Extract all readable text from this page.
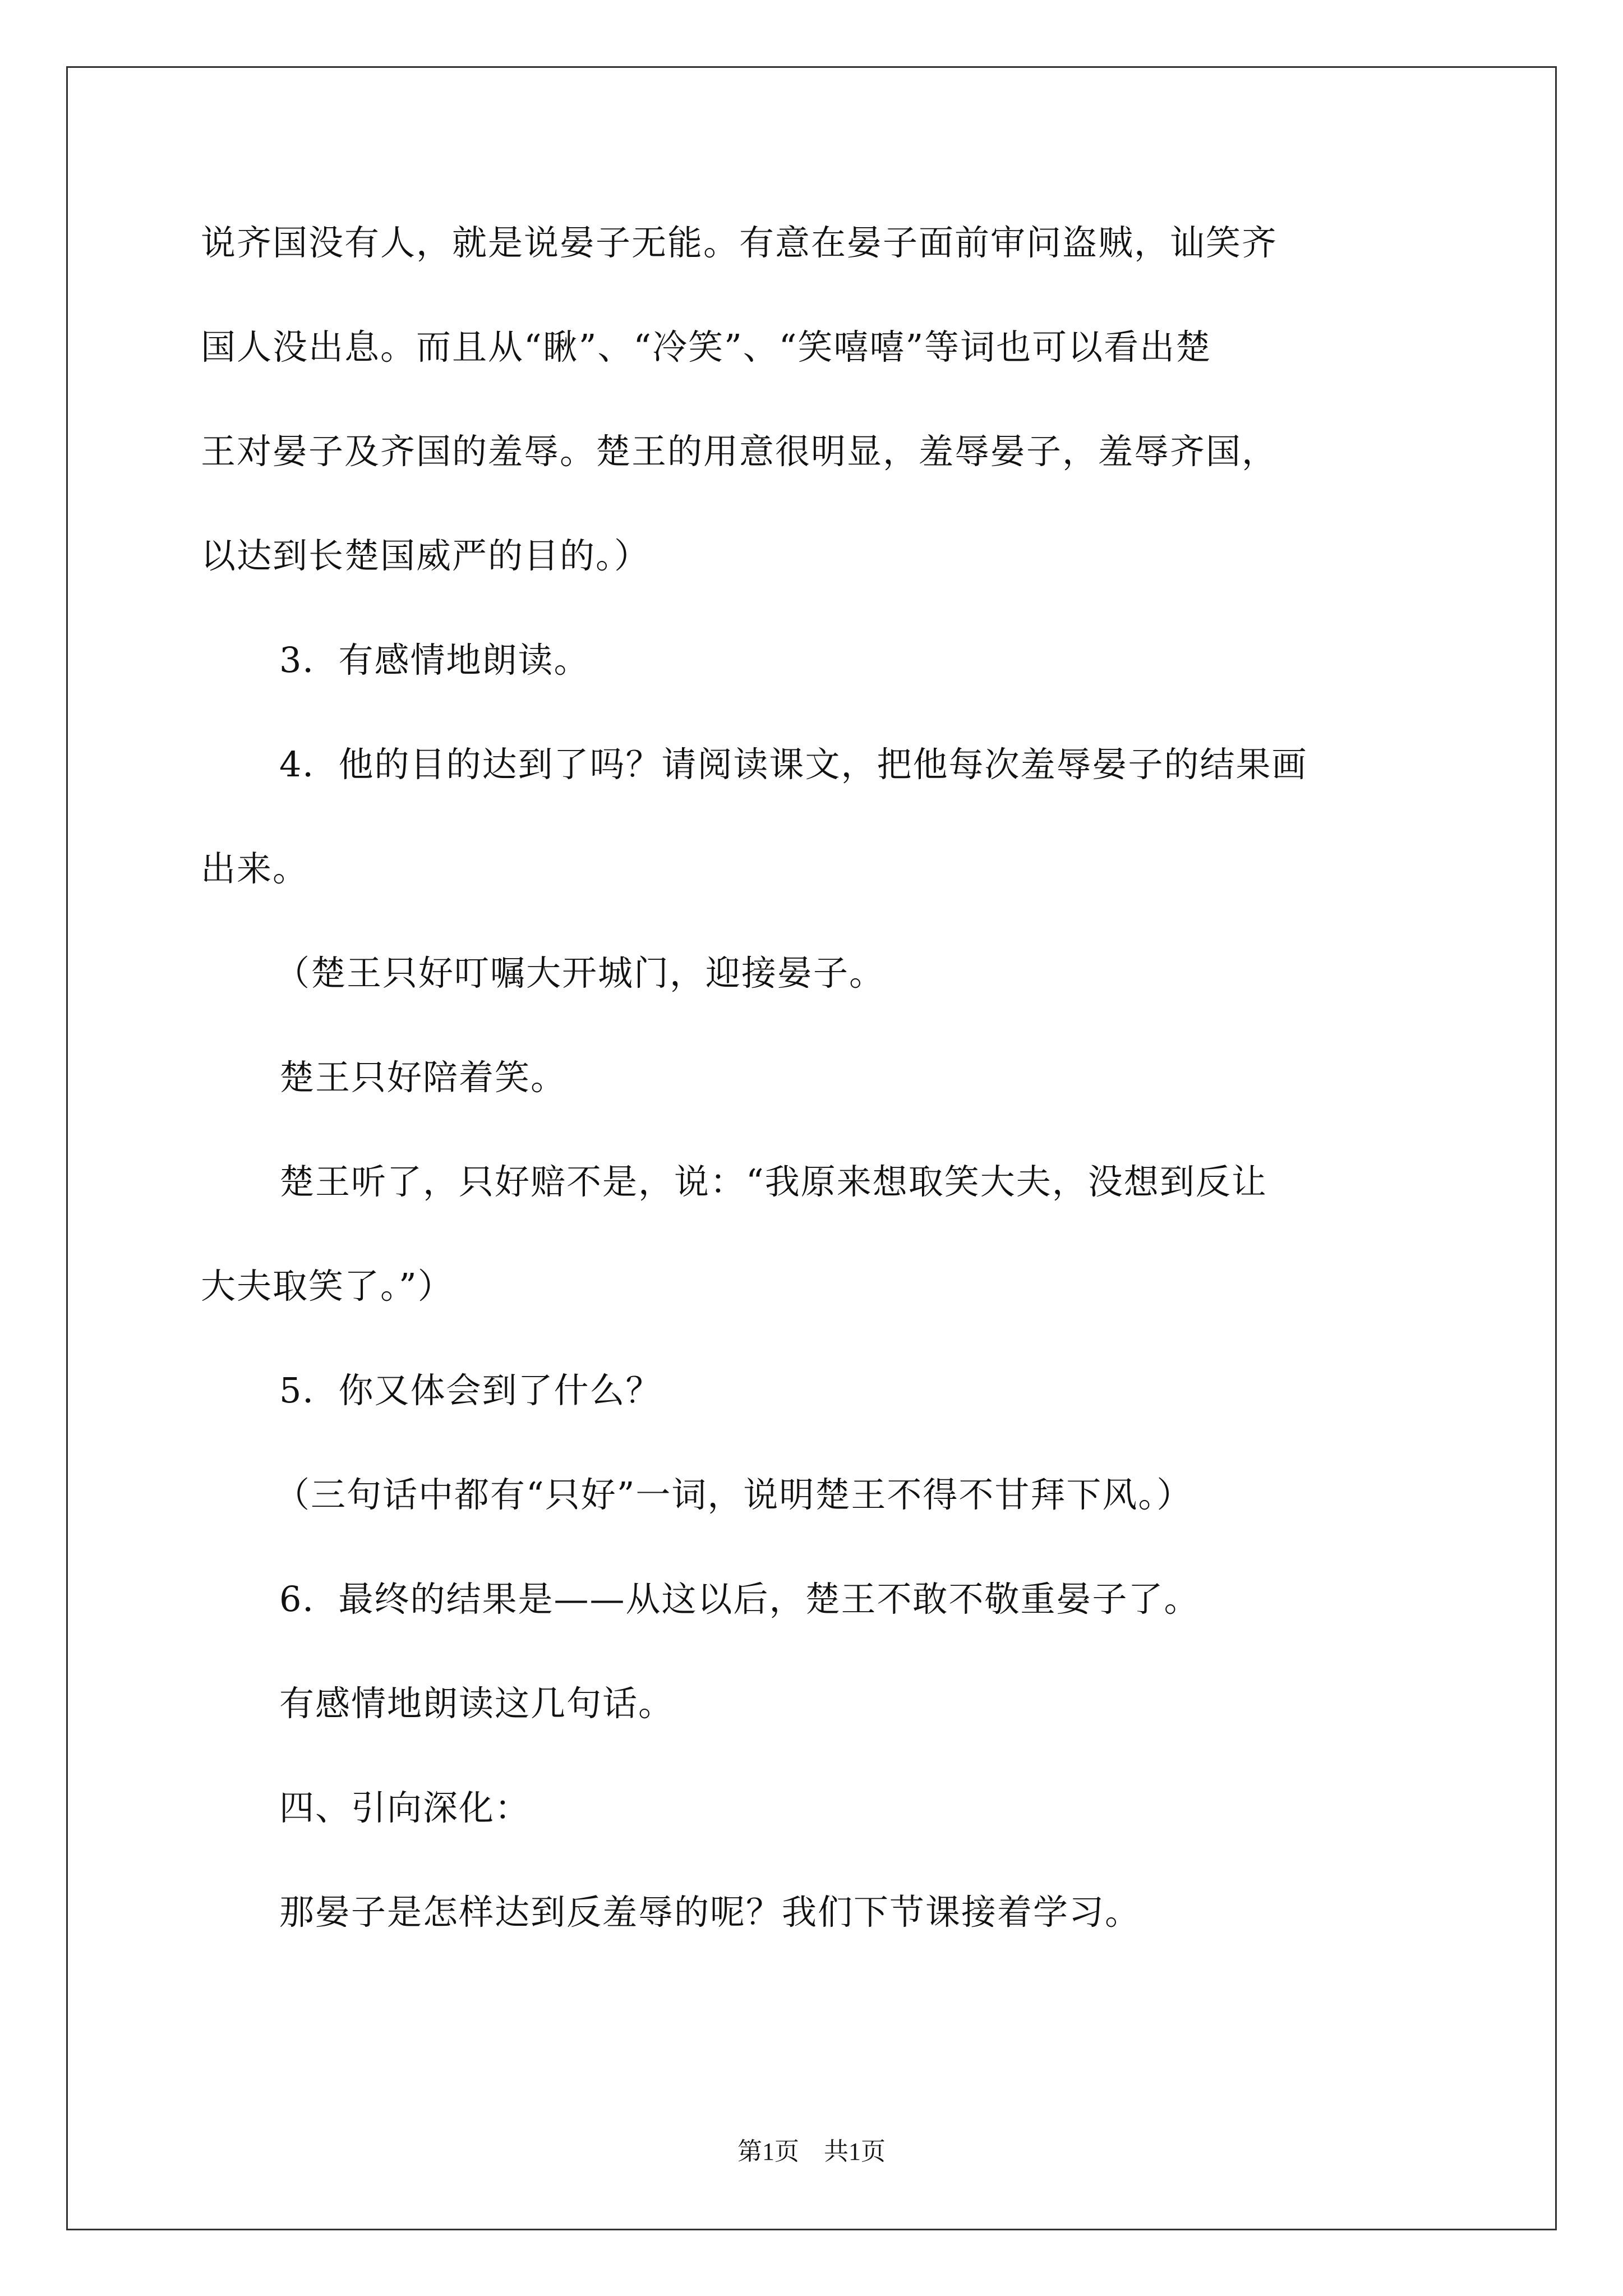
说齐国没有人，就是说晏子无能。有意在晏子面前审问盗贼，讪笑齐
国人没出息。而且从“瞅”、“冷笑”、“笑嘻嘻”等词也可以看出楚
王对晏子及齐国的羞辱。楚王的用意很明显，羞辱晏子，羞辱齐国，
以达到长楚国威严的目的。）
3．有感情地朗读。
4．他的目的达到了吗？请阅读课文，把他每次羞辱晏子的结果画
出来。
（楚王只好叮嘱大开城门，迎接晏子。
楚王只好陪着笑。
楚王听了，只好赔不是，说：“我原来想取笑大夫，没想到反让
大夫取笑了。”）
5．你又体会到了什么？
（三句话中都有“只好”一词，说明楚王不得不甘拜下风。）
6．最终的结果是——从这以后，楚王不敢不敬重晏子了。
有感情地朗读这几句话。
四、引向深化：
那晏子是怎样达到反羞辱的呢？我们下节课接着学习。
第1页　共1页
